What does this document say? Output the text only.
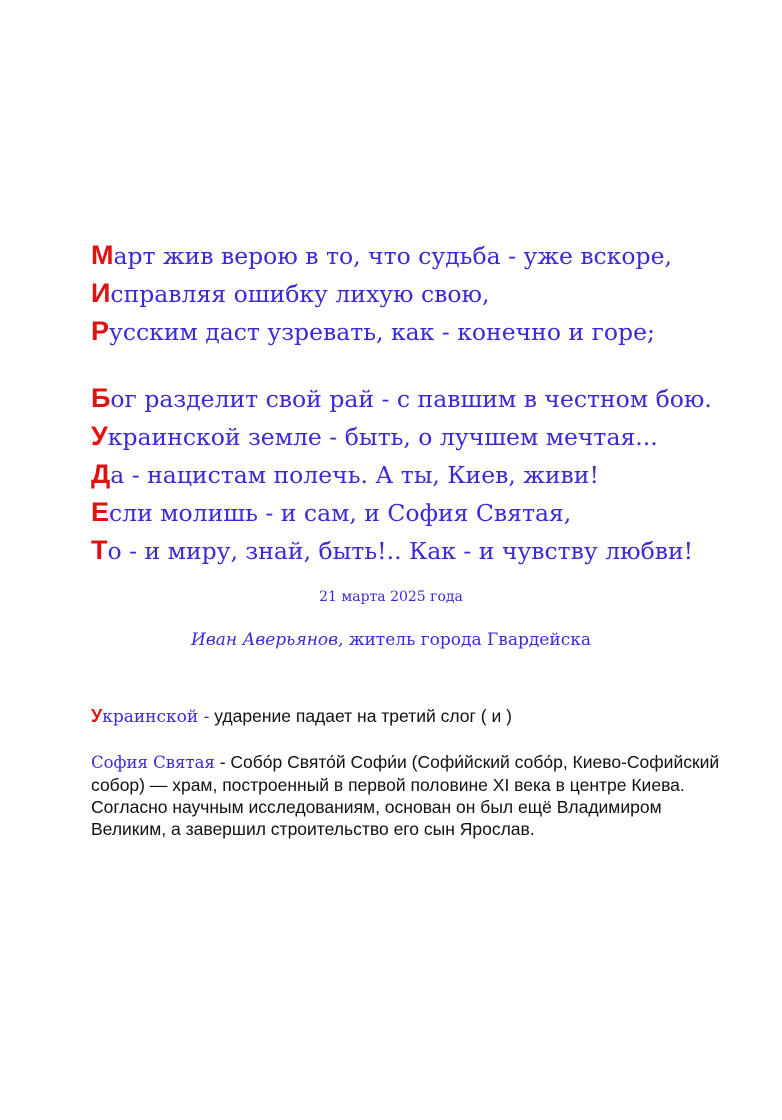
Март жив верою в то, что судьба - уже вскоре,
Исправляя ошибку лихую свою,
Русским даст узревать, как - конечно и горе;
Бог разделит свой рай - с павшим в честном бою.
Украинской земле - быть, о лучшем мечтая...
Да - нацистам полечь. А ты, Киев, живи!
Если молишь - и сам, и София Святая,
То - и миру, знай, быть!.. Как - и чувству любви!
21 марта 2025 года
Иван Аверьянов, житель города Гвардейска
Украинской - ударение падает на третий слог ( и )
София Святая - Собо́р Свято́й Софи́и (Софи́йский собо́р, Киево-Софийский собор) — храм, построенный в первой половине XI века в центре Киева. Согласно научным исследованиям, основан он был ещё Владимиром Великим, а завершил строительство его сын Ярослав.
